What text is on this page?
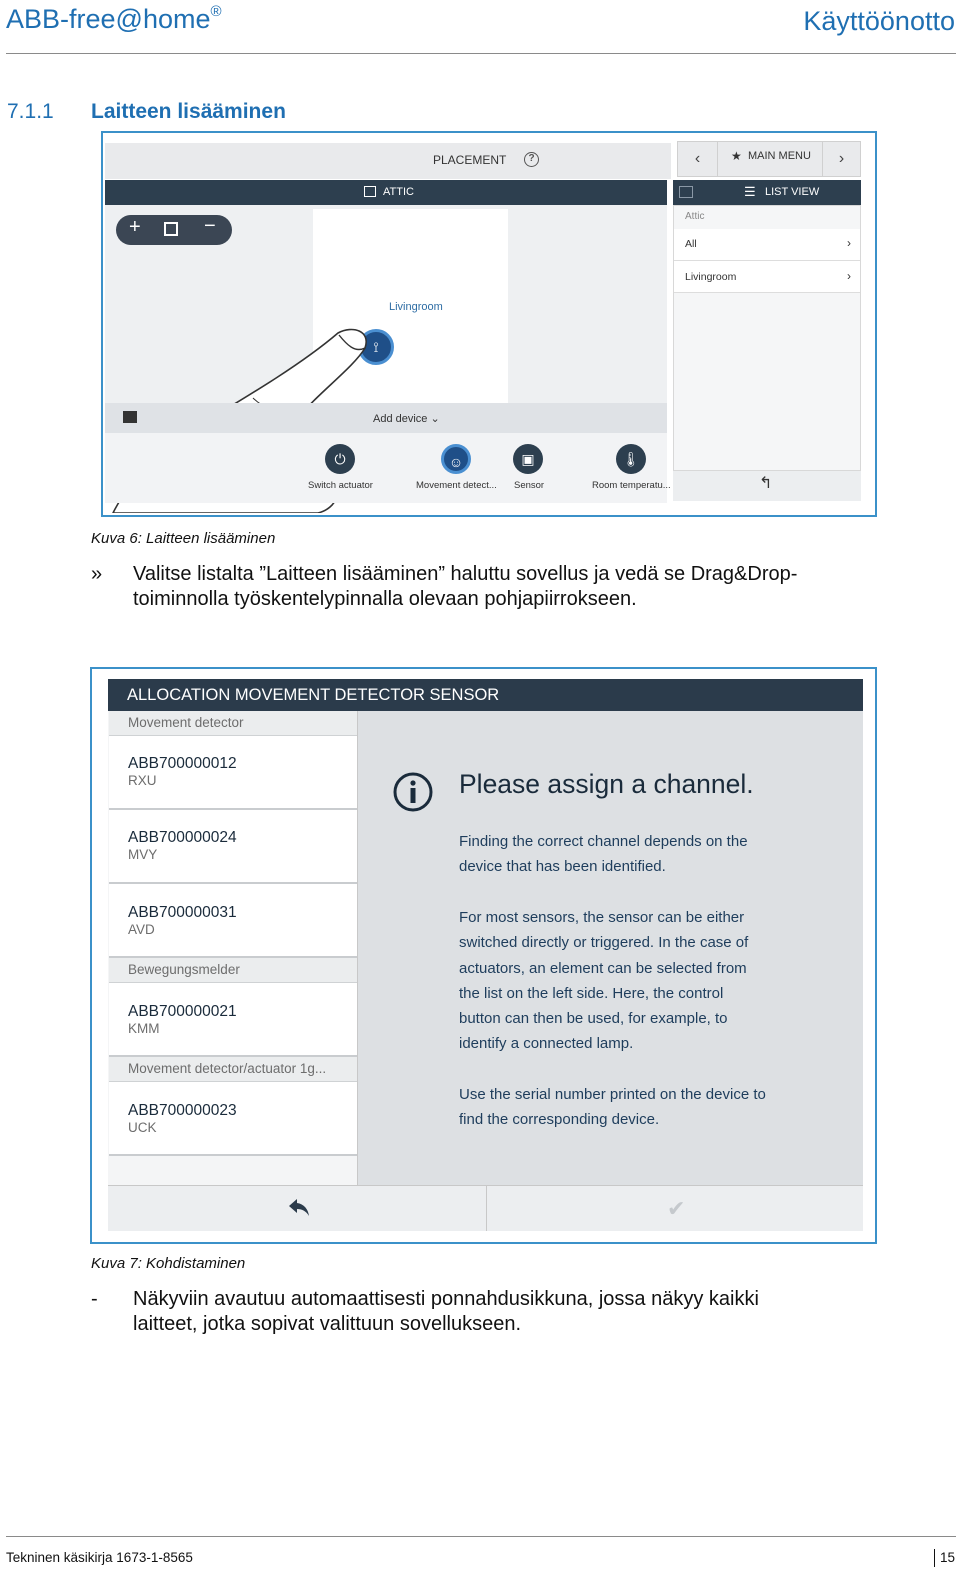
ABB-free@home®	Käyttöönotto
7.1.1 Laitteen lisääminen
PLACEMENT	?	‹	›
★ MAIN MENU
ATTIC
+	−
Livingroom
⟟
Add device ⌄
⏻
Switch actuator
☺
Movement detect...
▣
Sensor
🌡
Room temperatu...
☰ LIST VIEW
Attic
All	›
Livingroom	›
↰
Kuva 6: Laitteen lisääminen
» Valitse listalta ”Laitteen lisääminen” haluttu sovellus ja vedä se Drag&Drop-
toiminnolla työskentelypinnalla olevaan pohjapiirrokseen.
ALLOCATION MOVEMENT DETECTOR SENSOR
Movement detector
ABB700000012
RXU
ABB700000024
MVY
ABB700000031
AVD
Bewegungsmelder
ABB700000021
KMM
Movement detector/actuator 1g...
ABB700000023
UCK
Please assign a channel.
Finding the correct channel depends on the
device that has been identified.
For most sensors, the sensor can be either
switched directly or triggered. In the case of
actuators, an element can be selected from
the list on the left side. Here, the control
button can then be used, for example, to
identify a connected lamp.
Use the serial number printed on the device to
find the corresponding device.
✔
Kuva 7: Kohdistaminen
- Näkyviin avautuu automaattisesti ponnahdusikkuna, jossa näkyy kaikki
laitteet, jotka sopivat valittuun sovellukseen.
Tekninen käsikirja 1673-1-8565	15
